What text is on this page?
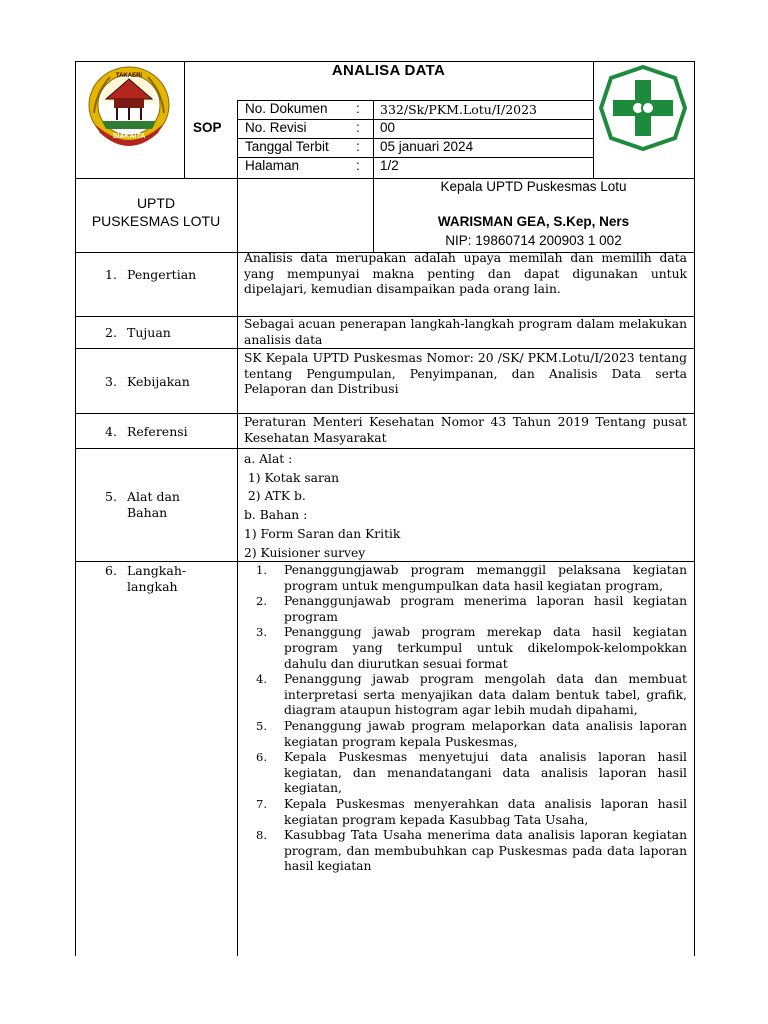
TAKAERI
SIAKAITA
ANALISA DATA
SOP
No. Dokumen : 332/Sk/PKM.Lotu/I/2023
No. Revisi	: 00
Tanggal Terbit : 05 januari 2024
Halaman	: 1/2
UPTD
PUSKESMAS LOTU
Kepala UPTD Puskesmas Lotu
WARISMAN GEA, S.Kep, Ners
NIP: 19860714 200903 1 002
1. Pengertian
2. Tujuan
3. Kebijakan
4. Referensi
5. Alat dan
Bahan
6. Langkah-
langkah
Analisis data merupakan adalah upaya memilah dan memilih data yang mempunyai makna penting dan dapat digunakan untuk dipelajari, kemudian disampaikan pada orang lain.
Sebagai acuan penerapan langkah-langkah program dalam melakukan analisis data
SK Kepala UPTD Puskesmas Nomor: 20 /SK/ PKM.Lotu/I/2023 tentang tentang Pengumpulan, Penyimpanan, dan Analisis Data serta Pelaporan dan Distribusi
Peraturan Menteri Kesehatan Nomor 43 Tahun 2019 Tentang pusat Kesehatan Masyarakat
a. Alat :
1) Kotak saran
2) ATK b.
b. Bahan :
1) Form Saran dan Kritik
2) Kuisioner survey
1. Penanggungjawab program memanggil pelaksana kegiatan program untuk mengumpulkan data hasil kegiatan program,
2. Penanggunjawab program menerima laporan hasil kegiatan program
3. Penanggung jawab program merekap data hasil kegiatan program yang terkumpul untuk dikelompok-kelompokkan dahulu dan diurutkan sesuai format
4. Penanggung jawab program mengolah data dan membuat interpretasi serta menyajikan data dalam bentuk tabel, grafik, diagram ataupun histogram agar lebih mudah dipahami,
5. Penanggung jawab program melaporkan data analisis laporan kegiatan program kepala Puskesmas,
6. Kepala Puskesmas menyetujui data analisis laporan hasil kegiatan, dan menandatangani data analisis laporan hasil kegiatan,
7. Kepala Puskesmas menyerahkan data analisis laporan hasil kegiatan program kepada Kasubbag Tata Usaha,
8. Kasubbag Tata Usaha menerima data analisis laporan kegiatan program, dan membubuhkan cap Puskesmas pada data laporan hasil kegiatan
